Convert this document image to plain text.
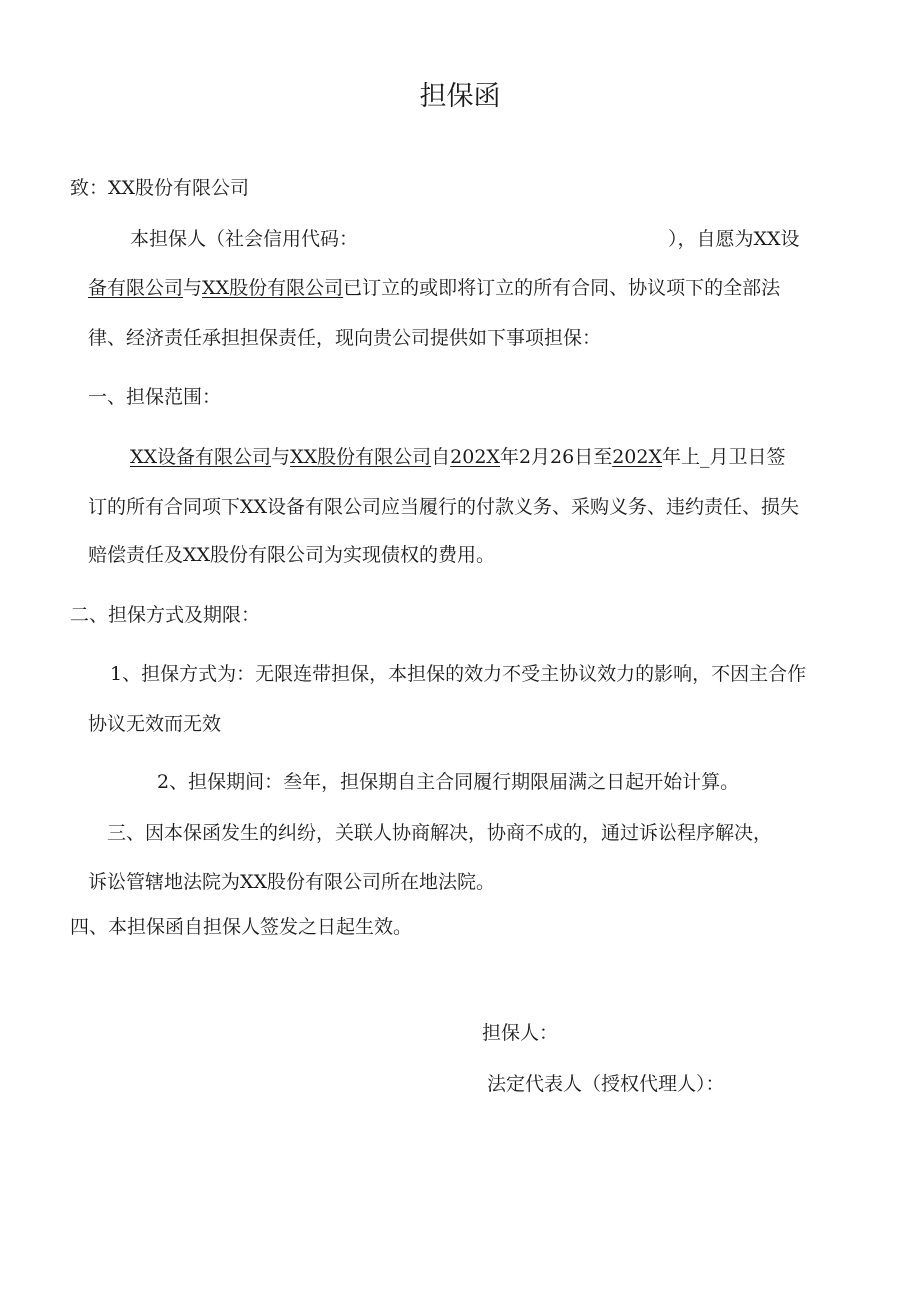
担保函
致：XX股份有限公司
本担保人（社会信用代码：	），自愿为XX设
备有限公司与XX股份有限公司已订立的或即将订立的所有合同、协议项下的全部法
律、经济责任承担担保责任，现向贵公司提供如下事项担保：
一、担保范围：
XX设备有限公司与XX股份有限公司自202X年2月26日至202X年上_月卫日签
订的所有合同项下XX设备有限公司应当履行的付款义务、采购义务、违约责任、损失
赔偿责任及XX股份有限公司为实现债权的费用。
二、担保方式及期限：
1、担保方式为：无限连带担保，本担保的效力不受主协议效力的影响，不因主合作
协议无效而无效
2、担保期间：叁年，担保期自主合同履行期限届满之日起开始计算。
三、因本保函发生的纠纷，关联人协商解决，协商不成的，通过诉讼程序解决，
诉讼管辖地法院为XX股份有限公司所在地法院。
四、本担保函自担保人签发之日起生效。
担保人：
法定代表人（授权代理人）：
